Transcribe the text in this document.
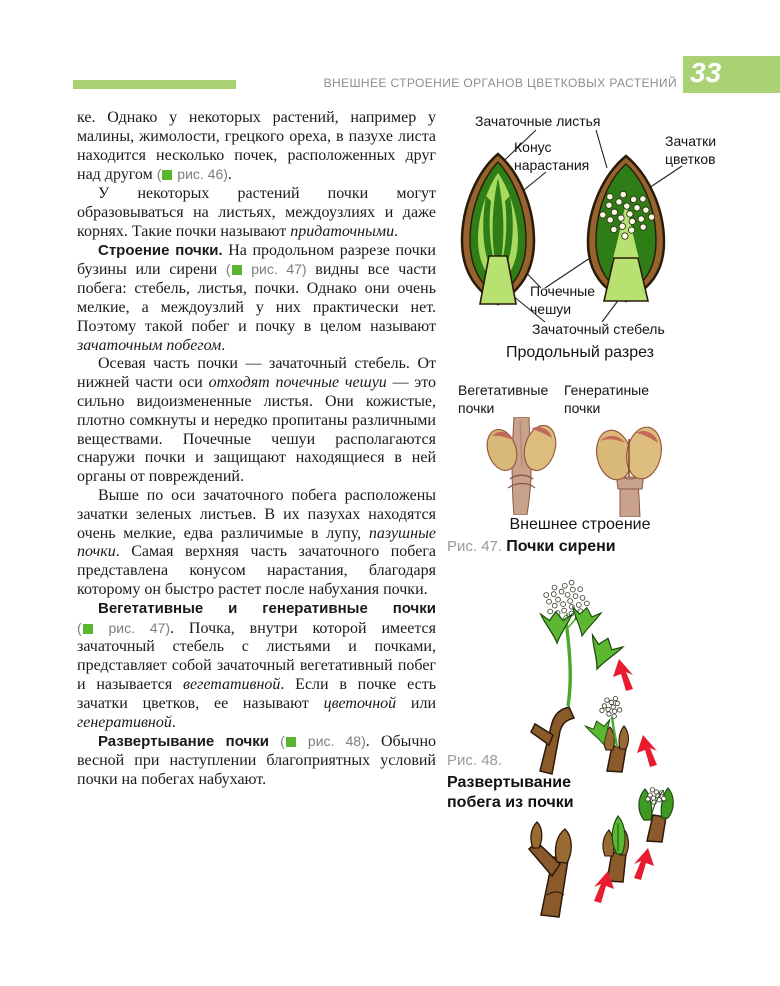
ВНЕШНЕЕ СТРОЕНИЕ ОРГАНОВ ЦВЕТКОВЫХ РАСТЕНИЙ 33

ке. Однако у некоторых растений, например у малины, жимолости, грецкого ореха, в пазухе листа находится несколько почек, расположенных друг над другом ( рис. 46).

У некоторых растений почки могут образовываться на листьях, междоузлиях и даже корнях. Такие почки называют придаточными.

Строение почки. На продольном разрезе почки бузины или сирени ( рис. 47) видны все части побега: стебель, листья, почки. Однако они очень мелкие, а междоузлий у них практически нет. Поэтому такой побег и почку в целом называют зачаточным побегом.

Осевая часть почки — зачаточный стебель. От нижней части оси отходят почечные чешуи — это сильно видоизмененные листья. Они кожистые, плотно сомкнуты и нередко пропитаны различными веществами. Почечные чешуи располагаются снаружи почки и защищают находящиеся в ней органы от повреждений.

Выше по оси зачаточного побега расположены зачатки зеленых листьев. В их пазухах находятся очень мелкие, едва различимые в лупу, пазушные почки. Самая верхняя часть зачаточного побега представлена конусом нарастания, благодаря которому он быстро растет после набухания почки.

Вегетативные и генеративные почки ( рис. 47). Почка, внутри которой имеется зачаточный стебель с листьями и почками, представляет собой зачаточный вегетативный побег и называется вегетативной. Если в почке есть зачатки цветков, ее называют цветочной или генеративной.

Развертывание почки ( рис. 48). Обычно весной при наступлении благоприятных условий почки на побегах набухают.

Зачаточные листья
Конус нарастания
Зачатки цветков
Почечные чешуи
Зачаточный стебель
Продольный разрез
Вегетативные почки
Генератиные почки
Внешнее строение
Рис. 47. Почки сирени
Рис. 48.
Развертывание побега из почки
